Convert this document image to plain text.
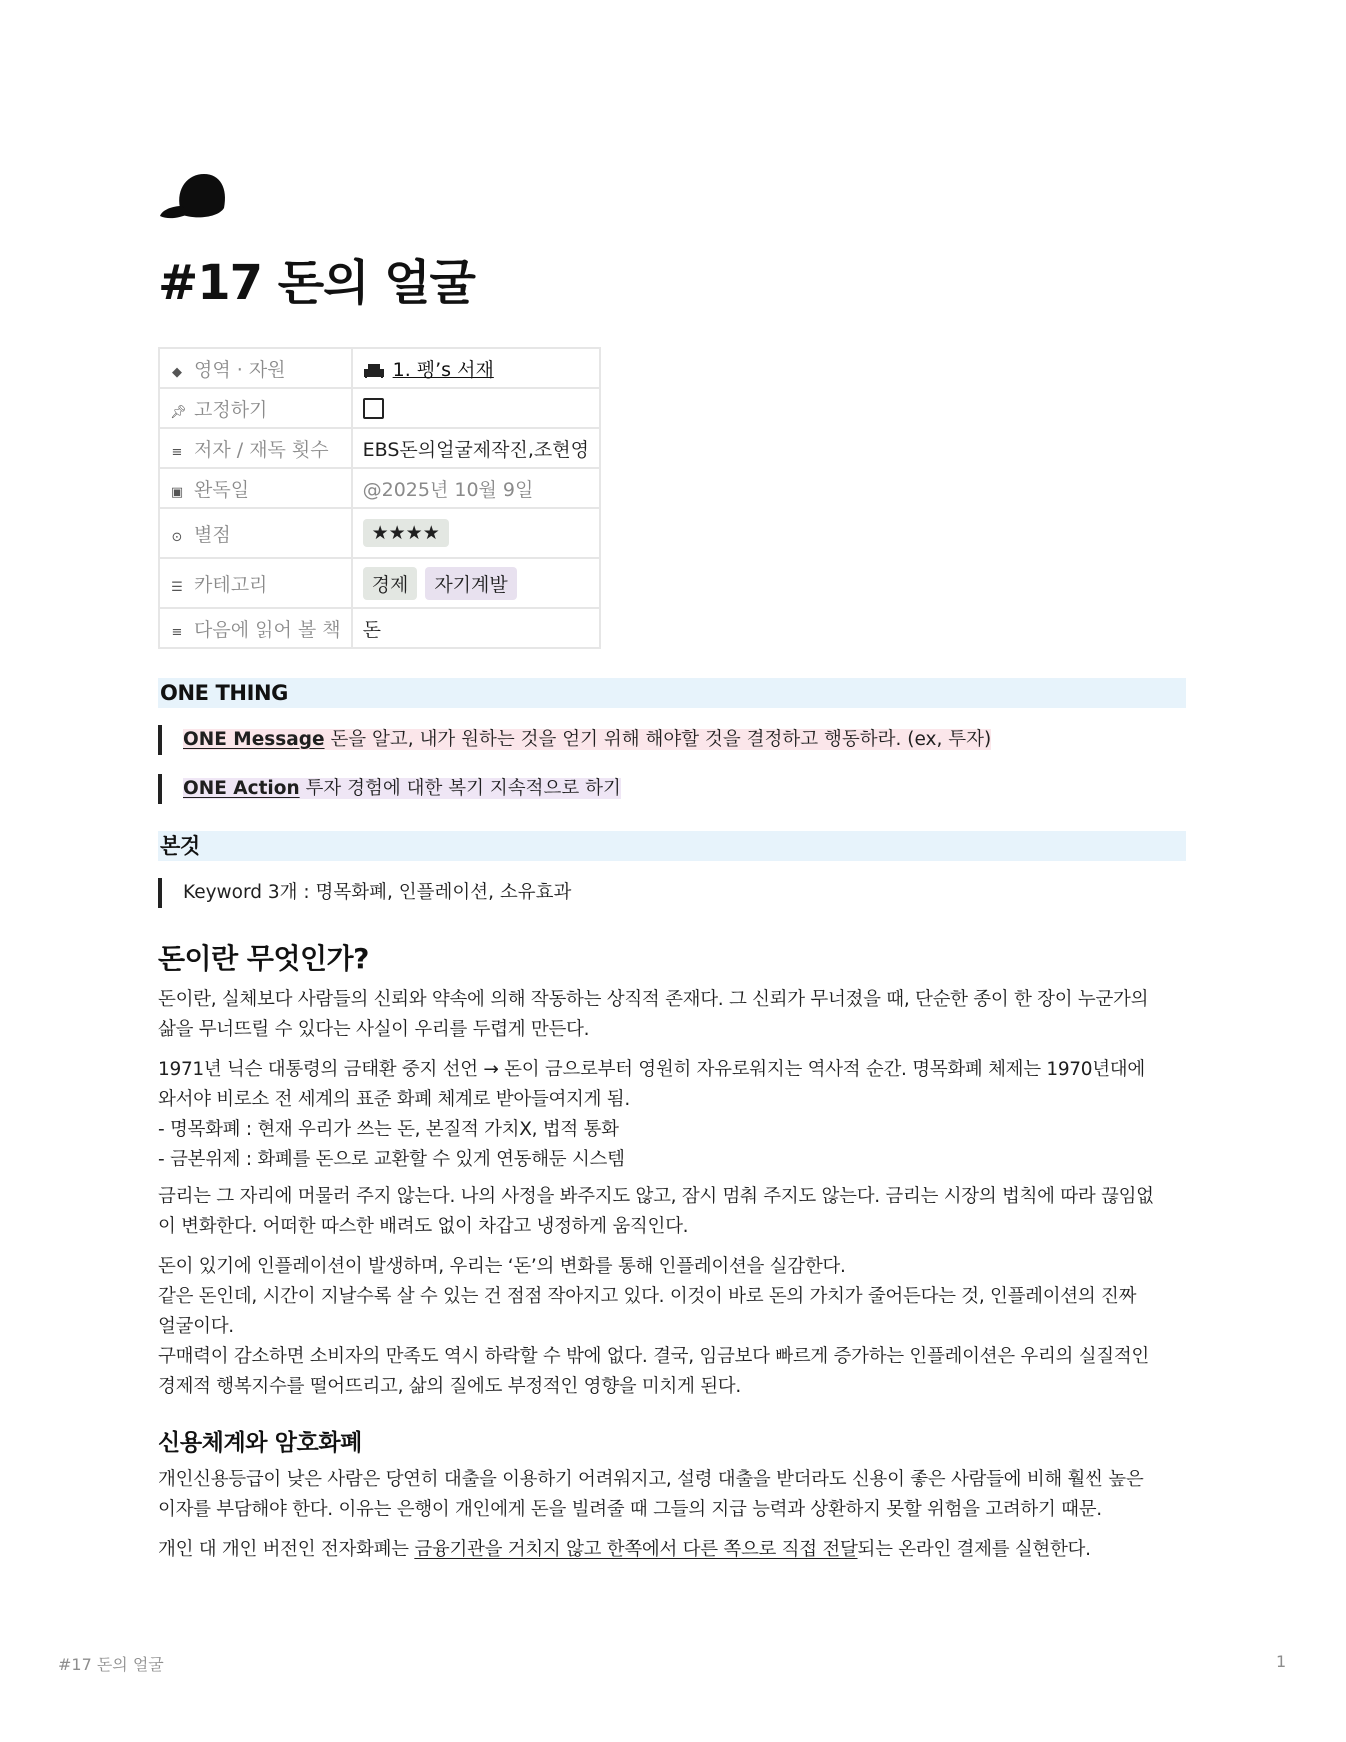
#17 돈의 얼굴
◆ 영역 · 자원	1. 펭’s 서재
📌︎ 고정하기	
≡ 저자 / 재독 횟수	EBS돈의얼굴제작진,조현영
▣ 완독일	@2025년 10월 9일
⊙ 별점	★★★★
☰ 카테고리	경제 자기계발
≡ 다음에 읽어 볼 책	돈
ONE THING
ONE Message 돈을 알고, 내가 원하는 것을 얻기 위해 해야할 것을 결정하고 행동하라. (ex, 투자)
ONE Action 투자 경험에 대한 복기 지속적으로 하기
본것
Keyword 3개 : 명목화폐, 인플레이션, 소유효과
돈이란 무엇인가?

돈이란, 실체보다 사람들의 신뢰와 약속에 의해 작동하는 상직적 존재다. 그 신뢰가 무너졌을 때, 단순한 종이 한 장이 누군가의
삶을 무너뜨릴 수 있다는 사실이 우리를 두렵게 만든다.

1971년 닉슨 대통령의 금태환 중지 선언 → 돈이 금으로부터 영원히 자유로워지는 역사적 순간. 명목화폐 체제는 1970년대에
와서야 비로소 전 세계의 표준 화폐 체계로 받아들여지게 됨.
- 명목화폐 : 현재 우리가 쓰는 돈, 본질적 가치X, 법적 통화
- 금본위제 : 화폐를 돈으로 교환할 수 있게 연동해둔 시스템

금리는 그 자리에 머물러 주지 않는다. 나의 사정을 봐주지도 않고, 잠시 멈춰 주지도 않는다. 금리는 시장의 법칙에 따라 끊임없
이 변화한다. 어떠한 따스한 배려도 없이 차갑고 냉정하게 움직인다.

돈이 있기에 인플레이션이 발생하며, 우리는 ‘돈’의 변화를 통해 인플레이션을 실감한다.
같은 돈인데, 시간이 지날수록 살 수 있는 건 점점 작아지고 있다. 이것이 바로 돈의 가치가 줄어든다는 것, 인플레이션의 진짜
얼굴이다.
구매력이 감소하면 소비자의 만족도 역시 하락할 수 밖에 없다. 결국, 임금보다 빠르게 증가하는 인플레이션은 우리의 실질적인
경제적 행복지수를 떨어뜨리고, 삶의 질에도 부정적인 영향을 미치게 된다.

신용체계와 암호화폐

개인신용등급이 낮은 사람은 당연히 대출을 이용하기 어려워지고, 설령 대출을 받더라도 신용이 좋은 사람들에 비해 훨씬 높은
이자를 부담해야 한다. 이유는 은행이 개인에게 돈을 빌려줄 때 그들의 지급 능력과 상환하지 못할 위험을 고려하기 때문.

개인 대 개인 버전인 전자화폐는 금융기관을 거치지 않고 한쪽에서 다른 쪽으로 직접 전달되는 온라인 결제를 실현한다.

#17 돈의 얼굴	1
